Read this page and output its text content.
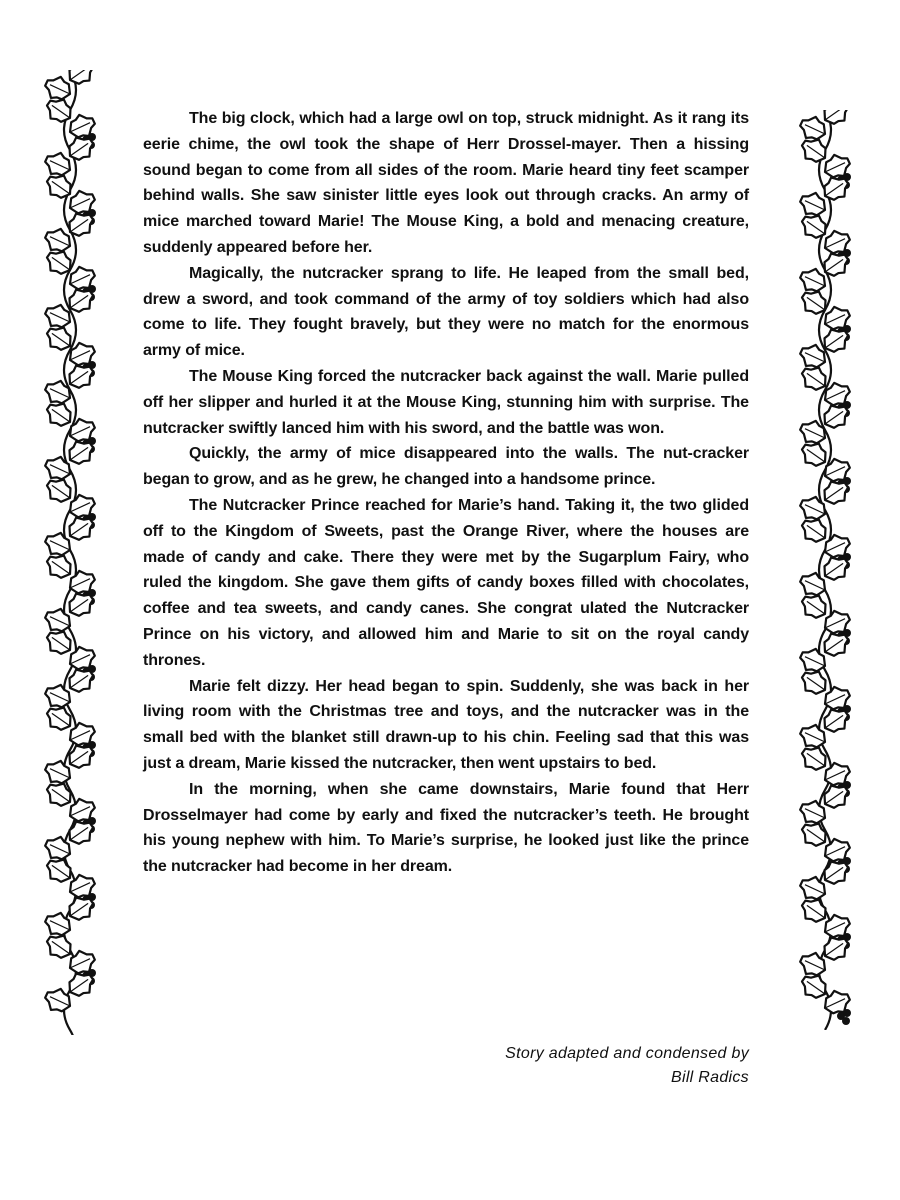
The big clock, which had a large owl on top, struck midnight. As it rang its eerie chime, the owl took the shape of Herr Drossel-mayer. Then a hissing sound began to come from all sides of the room. Marie heard tiny feet scamper behind walls. She saw sinister little eyes look out through cracks. An army of mice marched toward Marie! The Mouse King, a bold and menacing creature, suddenly appeared before her.

Magically, the nutcracker sprang to life. He leaped from the small bed, drew a sword, and took command of the army of toy soldiers which had also come to life. They fought bravely, but they were no match for the enormous army of mice.

The Mouse King forced the nutcracker back against the wall. Marie pulled off her slipper and hurled it at the Mouse King, stunning him with surprise. The nutcracker swiftly lanced him with his sword, and the battle was won.

Quickly, the army of mice disappeared into the walls. The nut-cracker began to grow, and as he grew, he changed into a handsome prince.

The Nutcracker Prince reached for Marie’s hand. Taking it, the two glided off to the Kingdom of Sweets, past the Orange River, where the houses are made of candy and cake. There they were met by the Sugarplum Fairy, who ruled the kingdom. She gave them gifts of candy boxes filled with chocolates, coffee and tea sweets, and candy canes. She congrat ulated the Nutcracker Prince on his victory, and allowed him and Marie to sit on the royal candy thrones.

Marie felt dizzy. Her head began to spin. Suddenly, she was back in her living room with the Christmas tree and toys, and the nutcracker was in the small bed with the blanket still drawn-up to his chin. Feeling sad that this was just a dream, Marie kissed the nutcracker, then went upstairs to bed.

In the morning, when she came downstairs, Marie found that Herr Drosselmayer had come by early and fixed the nutcracker’s teeth. He brought his young nephew with him. To Marie’s surprise, he looked just like the prince the nutcracker had become in her dream.

Story adapted and condensed by
Bill Radics
